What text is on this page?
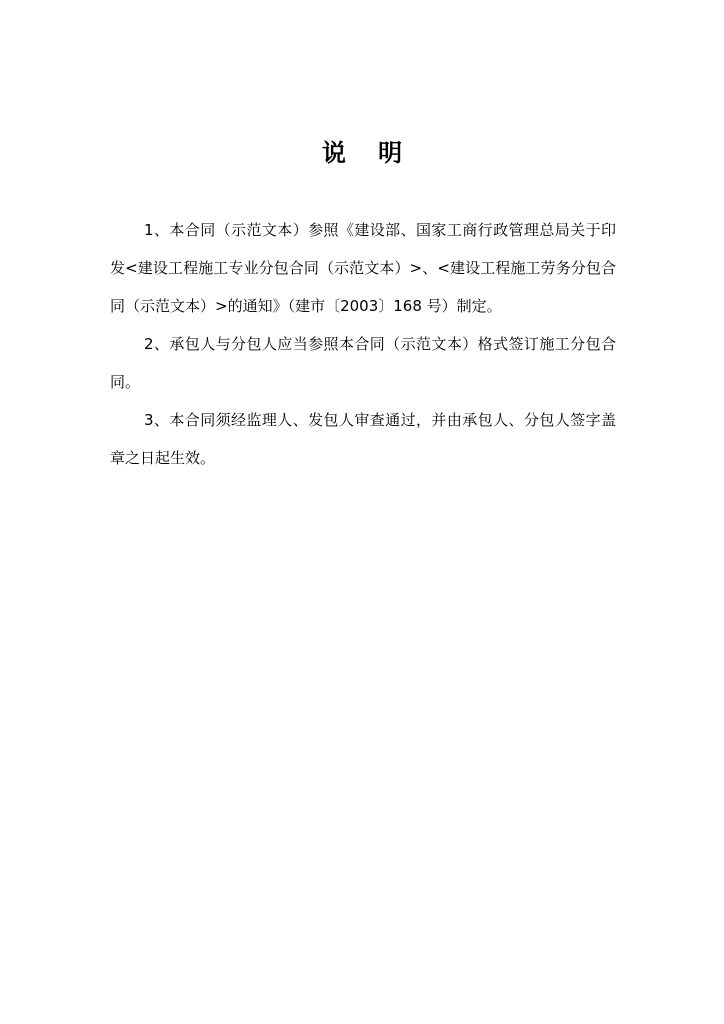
说 明

1、本合同（示范文本）参照《建设部、国家工商行政管理总局关于印发<建设工程施工专业分包合同（示范文本）>、<建设工程施工劳务分包合同（示范文本）>的通知》（建市〔2003〕168 号）制定。

2、承包人与分包人应当参照本合同（示范文本）格式签订施工分包合同。

3、本合同须经监理人、发包人审查通过，并由承包人、分包人签字盖章之日起生效。
